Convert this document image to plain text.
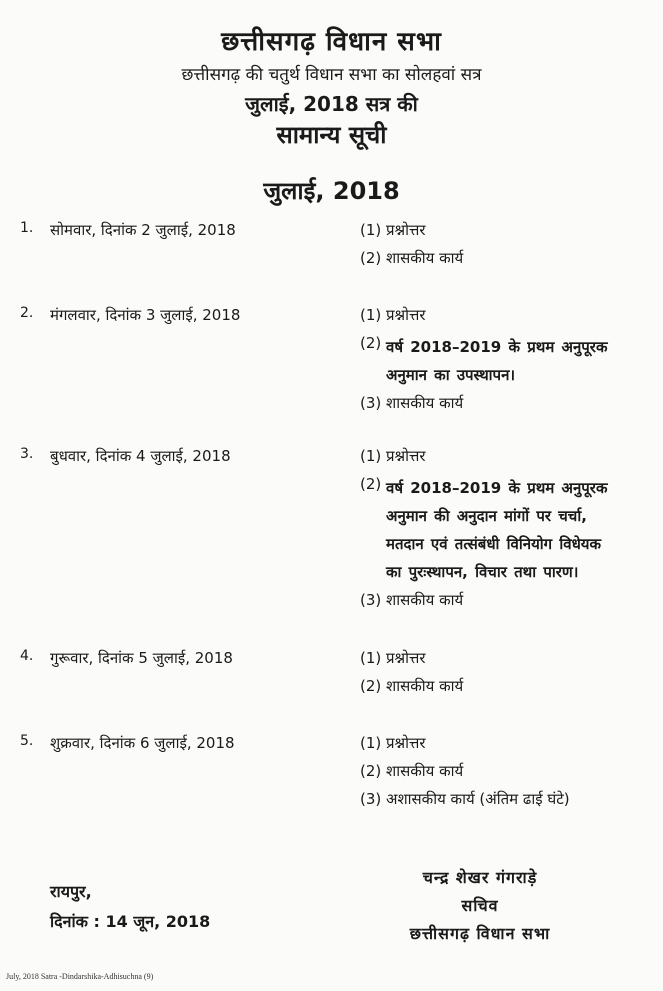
छत्तीसगढ़ विधान सभा

छत्तीसगढ़ की चतुर्थ विधान सभा का सोलहवां सत्र

जुलाई, 2018 सत्र की

सामान्य सूची

जुलाई, 2018

1. सोमवार, दिनांक 2 जुलाई, 2018	(1) प्रश्नोत्तर
(2) शासकीय कार्य
2. मंगलवार, दिनांक 3 जुलाई, 2018	(1) प्रश्नोत्तर
(2) वर्ष 2018–2019 के प्रथम अनुपूरक
अनुमान का उपस्थापन।
(3) शासकीय कार्य
3. बुधवार, दिनांक 4 जुलाई, 2018	(1) प्रश्नोत्तर
(2) वर्ष 2018–2019 के प्रथम अनुपूरक
अनुमान की अनुदान मांगों पर चर्चा,
मतदान एवं तत्संबंधी विनियोग विधेयक
का पुरःस्थापन, विचार तथा पारण।
(3) शासकीय कार्य
4. गुरूवार, दिनांक 5 जुलाई, 2018	(1) प्रश्नोत्तर
(2) शासकीय कार्य
5. शुक्रवार, दिनांक 6 जुलाई, 2018	(1) प्रश्नोत्तर
(2) शासकीय कार्य
(3) अशासकीय कार्य (अंतिम ढाई घंटे)
रायपुर,
दिनांक : 14 जून, 2018
चन्द्र शेखर गंगराड़े
सचिव
छत्तीसगढ़ विधान सभा
July, 2018 Satra -Dindarshika-Adhisuchna (9)
